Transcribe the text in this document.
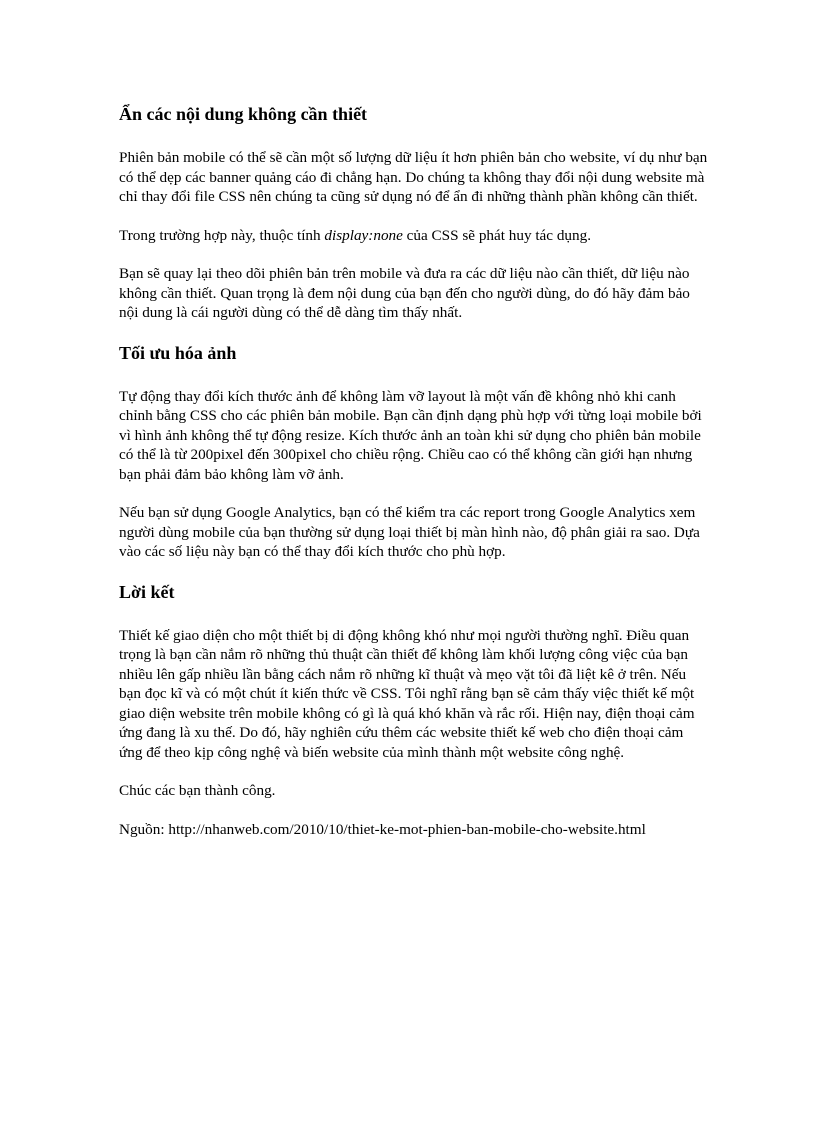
Ẩn các nội dung không cần thiết

Phiên bản mobile có thể sẽ cần một số lượng dữ liệu ít hơn phiên bản cho website, ví dụ như bạn có thể dẹp các banner quảng cáo đi chẳng hạn. Do chúng ta không thay đổi nội dung website mà chỉ thay đổi file CSS nên chúng ta cũng sử dụng nó để ẩn đi những thành phần không cần thiết.

Trong trường hợp này, thuộc tính display:none của CSS sẽ phát huy tác dụng.

Bạn sẽ quay lại theo dõi phiên bản trên mobile và đưa ra các dữ liệu nào cần thiết, dữ liệu nào không cần thiết. Quan trọng là đem nội dung của bạn đến cho người dùng, do đó hãy đảm bảo nội dung là cái người dùng có thể dễ dàng tìm thấy nhất.

Tối ưu hóa ảnh

Tự động thay đổi kích thước ảnh để không làm vỡ layout là một vấn đề không nhỏ khi canh chỉnh bằng CSS cho các phiên bản mobile. Bạn cần định dạng phù hợp với từng loại mobile bởi vì hình ảnh không thể tự động resize. Kích thước ảnh an toàn khi sử dụng cho phiên bản mobile có thể là từ 200pixel đến 300pixel cho chiều rộng. Chiều cao có thể không cần giới hạn nhưng bạn phải đảm bảo không làm vỡ ảnh.

Nếu bạn sử dụng Google Analytics, bạn có thể kiểm tra các report trong Google Analytics xem người dùng mobile của bạn thường sử dụng loại thiết bị màn hình nào, độ phân giải ra sao. Dựa vào các số liệu này bạn có thể thay đổi kích thước cho phù hợp.

Lời kết

Thiết kế giao diện cho một thiết bị di động không khó như mọi người thường nghĩ. Điều quan trọng là bạn cần nắm rõ những thủ thuật cần thiết để không làm khối lượng công việc của bạn nhiều lên gấp nhiều lần bằng cách nắm rõ những kĩ thuật và mẹo vặt tôi đã liệt kê ở trên. Nếu bạn đọc kĩ và có một chút ít kiến thức về CSS. Tôi nghĩ rằng bạn sẽ cảm thấy việc thiết kế một giao diện website trên mobile không có gì là quá khó khăn và rắc rối. Hiện nay, điện thoại cảm ứng đang là xu thế. Do đó, hãy nghiên cứu thêm các website thiết kế web cho điện thoại cảm ứng để theo kịp công nghệ và biến website của mình thành một website công nghệ.

Chúc các bạn thành công.

Nguồn: http://nhanweb.com/2010/10/thiet-ke-mot-phien-ban-mobile-cho-website.html
